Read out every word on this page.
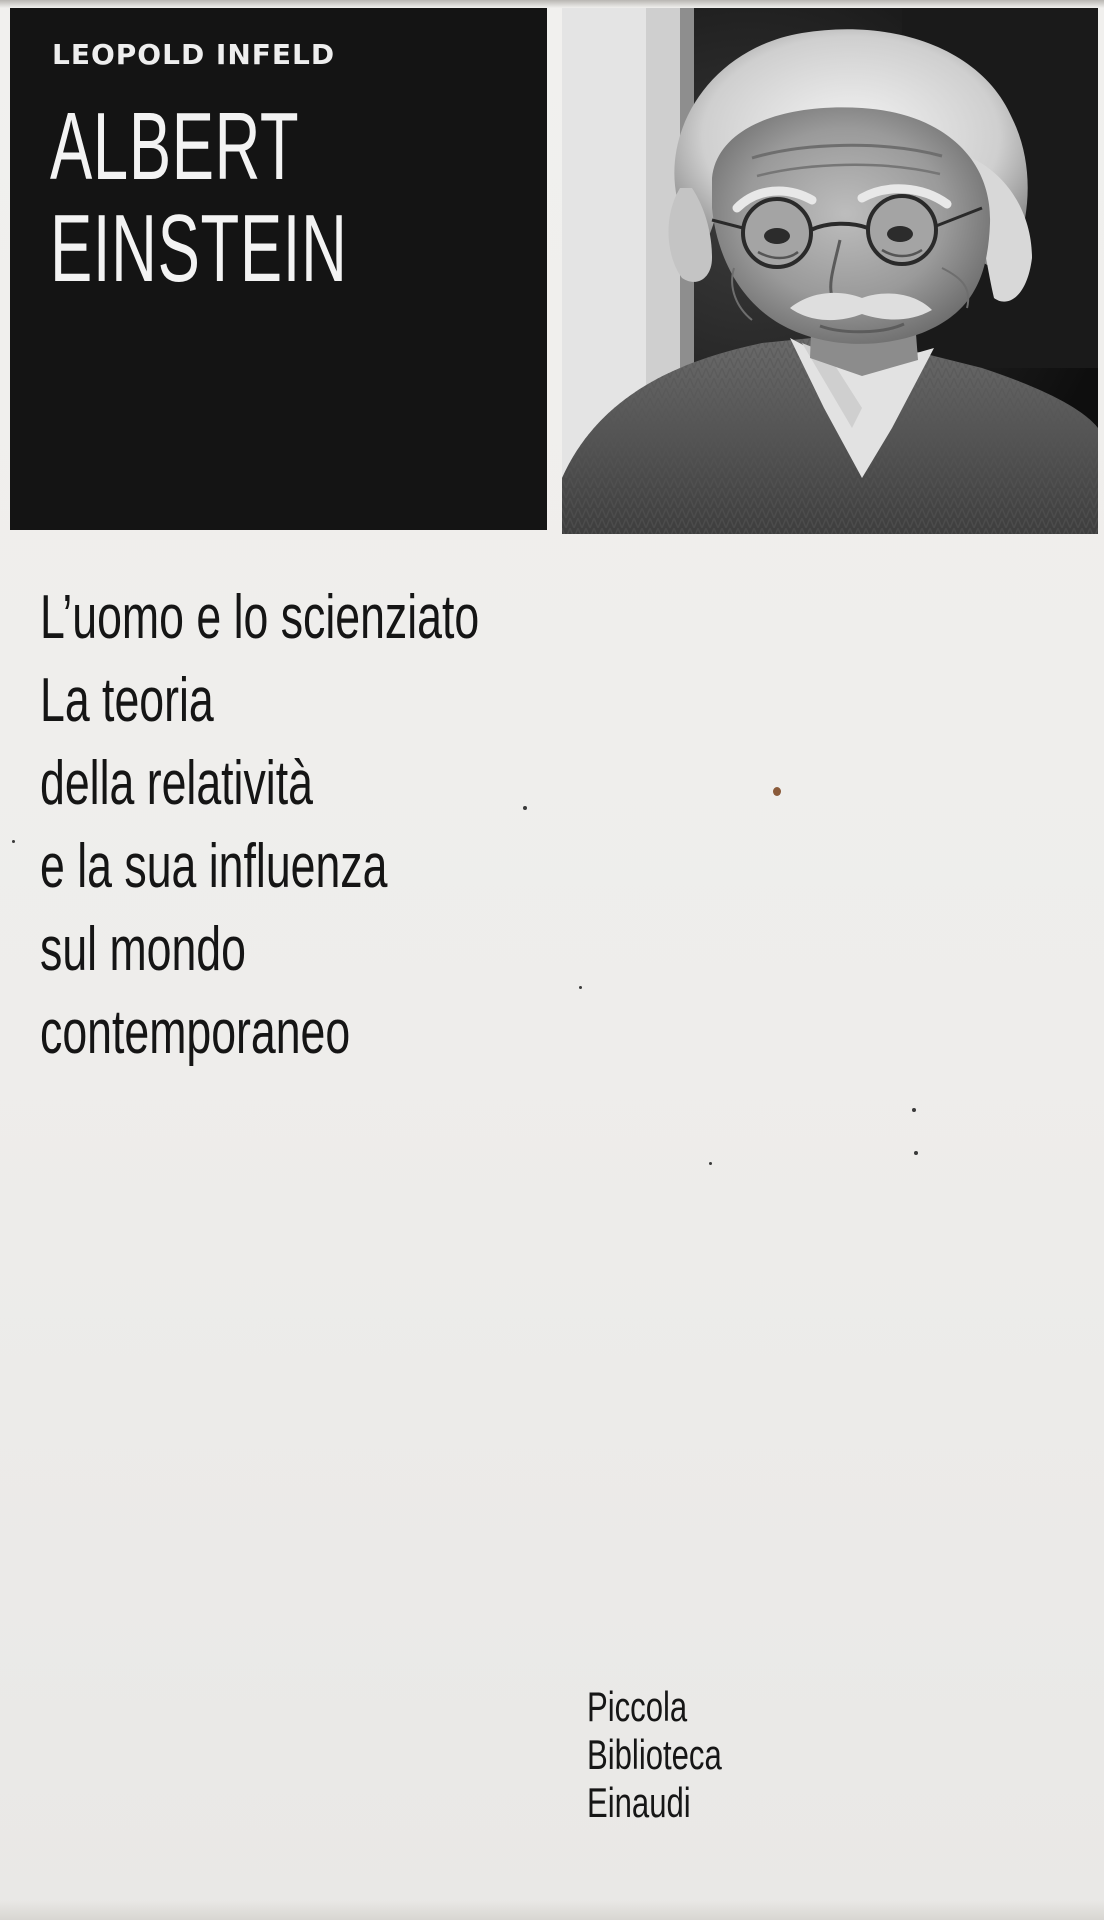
LEOPOLD INFELD
ALBERT
EINSTEIN
L’uomo e lo scienziato
La teoria
della relatività
e la sua influenza
sul mondo
contemporaneo
Piccola
Biblioteca
Einaudi
